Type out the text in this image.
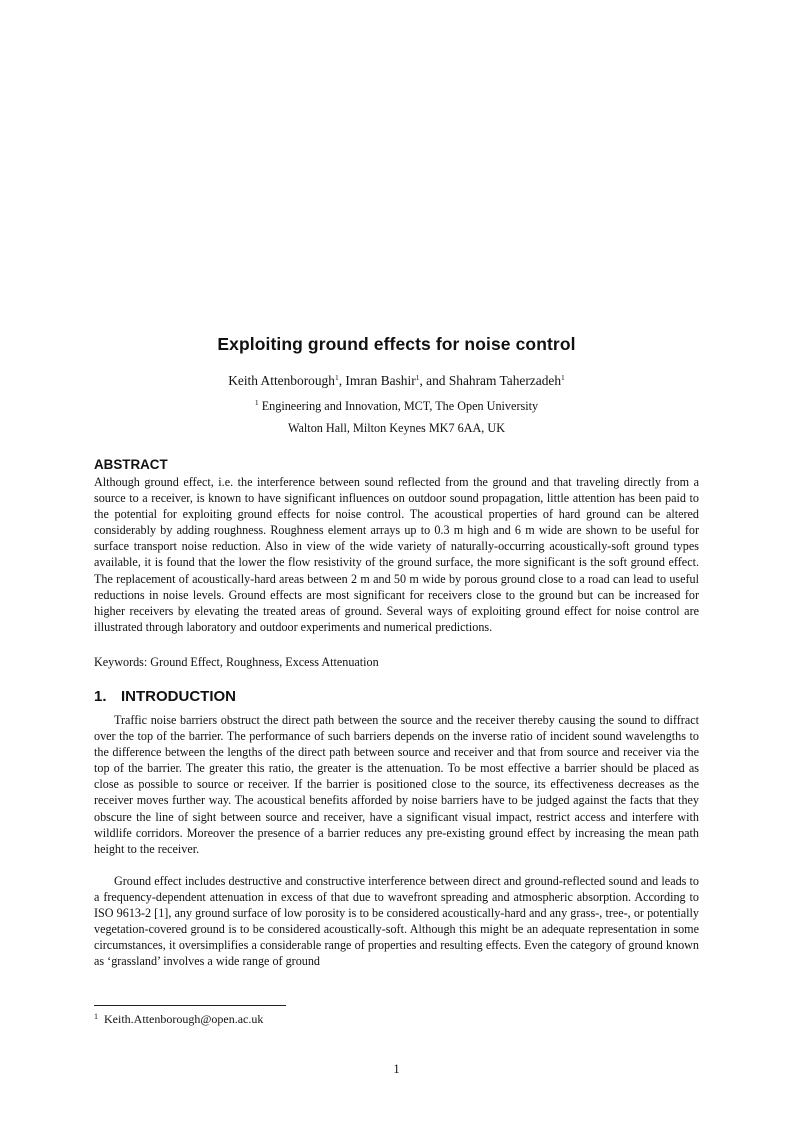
Exploiting ground effects for noise control
Keith Attenborough$^1$, Imran Bashir$^1$, and Shahram Taherzadeh$^1$
$^1$ Engineering and Innovation, MCT, The Open University
Walton Hall, Milton Keynes MK7 6AA, UK
ABSTRACT

Although ground effect, i.e. the interference between sound reflected from the ground and that traveling directly from a source to a receiver, is known to have significant influences on outdoor sound propagation, little attention has been paid to the potential for exploiting ground effects for noise control. The acoustical properties of hard ground can be altered considerably by adding roughness. Roughness element arrays up to 0.3 m high and 6 m wide are shown to be useful for surface transport noise reduction. Also in view of the wide variety of naturally-occurring acoustically-soft ground types available, it is found that the lower the flow resistivity of the ground surface, the more significant is the soft ground effect. The replacement of acoustically-hard areas between 2 m and 50 m wide by porous ground close to a road can lead to useful reductions in noise levels. Ground effects are most significant for receivers close to the ground but can be increased for higher receivers by elevating the treated areas of ground. Several ways of exploiting ground effect for noise control are illustrated through laboratory and outdoor experiments and numerical predictions.

Keywords: Ground Effect, Roughness, Excess Attenuation
1. INTRODUCTION

Traffic noise barriers obstruct the direct path between the source and the receiver thereby causing the sound to diffract over the top of the barrier. The performance of such barriers depends on the inverse ratio of incident sound wavelengths to the difference between the lengths of the direct path between source and receiver and that from source and receiver via the top of the barrier. The greater this ratio, the greater is the attenuation. To be most effective a barrier should be placed as close as possible to source or receiver. If the barrier is positioned close to the source, its effectiveness decreases as the receiver moves further way. The acoustical benefits afforded by noise barriers have to be judged against the facts that they obscure the line of sight between source and receiver, have a significant visual impact, restrict access and interfere with wildlife corridors. Moreover the presence of a barrier reduces any pre-existing ground effect by increasing the mean path height to the receiver.

Ground effect includes destructive and constructive interference between direct and ground-reflected sound and leads to a frequency-dependent attenuation in excess of that due to wavefront spreading and atmospheric absorption. According to ISO 9613-2 [1], any ground surface of low porosity is to be considered acoustically-hard and any grass-, tree-, or potentially vegetation-covered ground is to be considered acoustically-soft. Although this might be an adequate representation in some circumstances, it oversimplifies a considerable range of properties and resulting effects. Even the category of ground known as ‘grassland’ involves a wide range of ground

$^1$ Keith.Attenborough@open.ac.uk
1
